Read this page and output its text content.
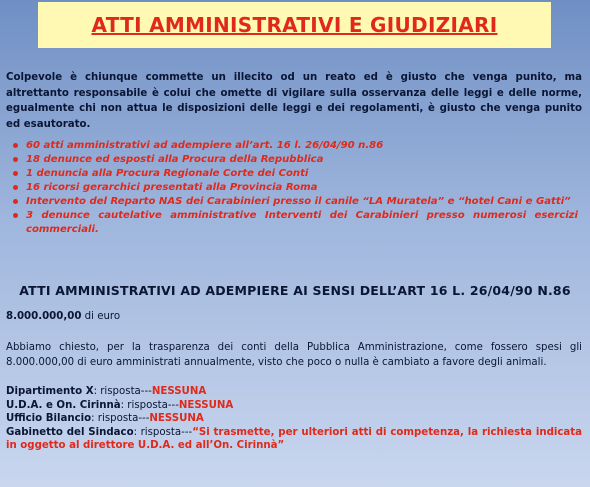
ATTI AMMINISTRATIVI E GIUDIZIARI

Colpevole è chiunque commette un illecito od un reato ed è giusto che venga punito, ma altrettanto responsabile è colui che omette di vigilare sulla osservanza delle leggi e delle norme, egualmente chi non attua le disposizioni delle leggi e dei regolamenti, è giusto che venga punito ed esautorato.

60 atti amministrativi ad adempiere all’art. 16 l. 26/04/90 n.86
18 denunce ed esposti alla Procura della Repubblica
1 denuncia alla Procura Regionale Corte dei Conti
16 ricorsi gerarchici presentati alla Provincia Roma
Intervento del Reparto NAS dei Carabinieri presso il canile “LA Muratela” e “hotel Cani e Gatti”
3 denunce cautelative amministrative Interventi dei Carabinieri presso numerosi esercizi commerciali.
ATTI AMMINISTRATIVI AD ADEMPIERE AI SENSI DELL’ART 16 L. 26/04/90 N.86

8.000.000,00 di euro

Abbiamo chiesto, per la trasparenza dei conti della Pubblica Amministrazione, come fossero spesi gli 8.000.000,00 di euro amministrati annualmente, visto che poco o nulla è cambiato a favore degli animali.

Dipartimento X: risposta---NESSUNA

U.D.A. e On. Cirinnà: risposta---NESSUNA

Ufficio Bilancio: risposta---NESSUNA

Gabinetto del Sindaco: risposta---“Si trasmette, per ulteriori atti di competenza, la richiesta indicata in oggetto al direttore U.D.A. ed all’On. Cirinnà”
